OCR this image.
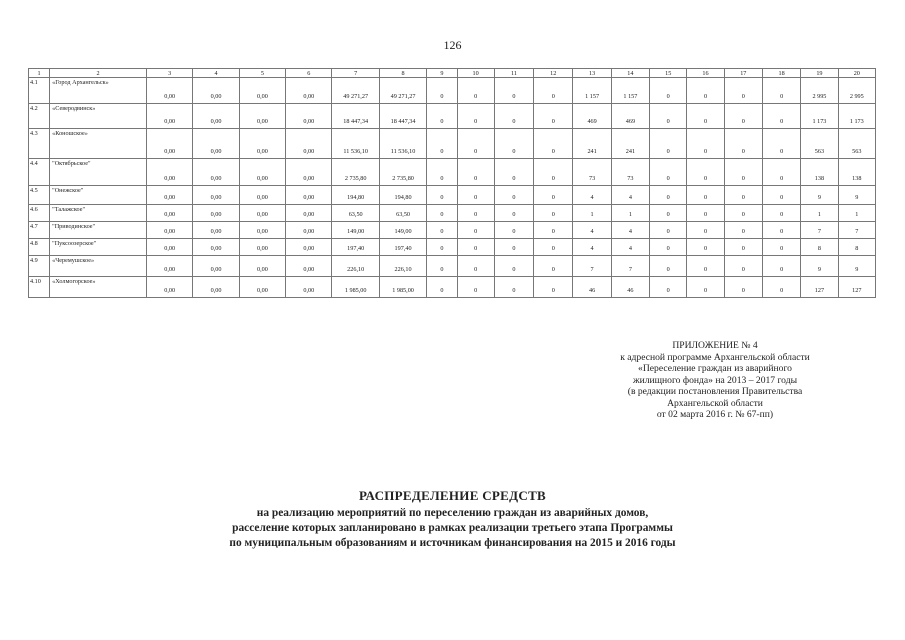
126
1	2	3	4	5	6	7	8	9	10	11	12	13	14	15	16	17	18	19	20
4.1	«Город Архангельск»	0,00	0,00	0,00	0,00	49 271,27	49 271,27	0	0	0	0	1 157	1 157	0	0	0	0	2 995	2 995
4.2	«Северодвинск»	0,00	0,00	0,00	0,00	18 447,34	18 447,34	0	0	0	0	469	469	0	0	0	0	1 173	1 173
4.3	«Коношское»	0,00	0,00	0,00	0,00	11 536,10	11 536,10	0	0	0	0	241	241	0	0	0	0	563	563
4.4	"Октябрьское"	0,00	0,00	0,00	0,00	2 735,80	2 735,80	0	0	0	0	73	73	0	0	0	0	138	138
4.5	"Онежское"	0,00	0,00	0,00	0,00	194,80	194,80	0	0	0	0	4	4	0	0	0	0	9	9
4.6	"Талажское"	0,00	0,00	0,00	0,00	63,50	63,50	0	0	0	0	1	1	0	0	0	0	1	1
4.7	"Приводинское"	0,00	0,00	0,00	0,00	149,00	149,00	0	0	0	0	4	4	0	0	0	0	7	7
4.8	"Пуксоозерское"	0,00	0,00	0,00	0,00	197,40	197,40	0	0	0	0	4	4	0	0	0	0	8	8
4.9	«Черемушское»	0,00	0,00	0,00	0,00	226,10	226,10	0	0	0	0	7	7	0	0	0	0	9	9
4.10	«Холмогорское»	0,00	0,00	0,00	0,00	1 985,00	1 985,00	0	0	0	0	46	46	0	0	0	0	127	127
ПРИЛОЖЕНИЕ № 4
к адресной программе Архангельской области
«Переселение граждан из аварийного
жилищного фонда» на 2013 – 2017 годы
(в редакции постановления Правительства
Архангельской области
от 02 марта 2016 г. № 67-пп)
РАСПРЕДЕЛЕНИЕ СРЕДСТВ
на реализацию мероприятий по переселению граждан из аварийных домов,
расселение которых запланировано в рамках реализации третьего этапа Программы
по муниципальным образованиям и источникам финансирования на 2015 и 2016 годы
